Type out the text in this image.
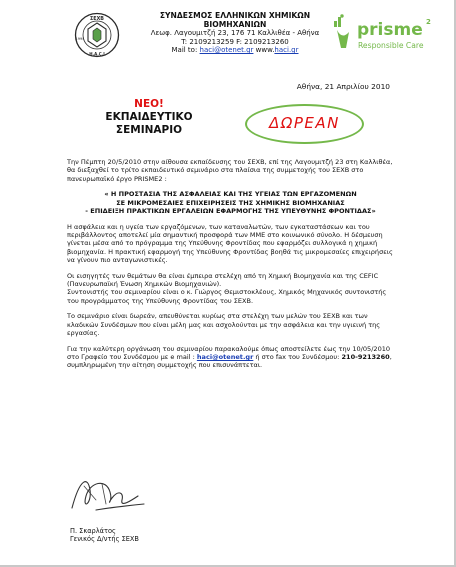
ΣΕΧΒ
1994
H.A.C.I
ΣΥΝΔΕΣΜΟΣ ΕΛΛΗΝΙΚΩΝ ΧΗΜΙΚΩΝ ΒΙΟΜΗΧΑΝΙΩΝ
Λεωφ. Λαγουμιτζή 23, 176 71 Καλλιθέα - Αθήνα
T: 2109213259 F: 2109213260
Mail to: haci@otenet.gr www.haci.gr
prisme 2
Responsible Care
Αθήνα, 21 Απριλίου 2010
ΝΕΟ!
ΕΚΠΑΙΔΕΥΤΙΚΟ
ΣΕΜΙΝΑΡΙΟ	ΔΩΡΕΑΝ

Την Πέμπτη 20/5/2010 στην αίθουσα εκπαίδευσης του ΣΕΧΒ, επί της Λαγουμιτζή 23 στη Καλλιθέα, θα διεξαχθεί το τρίτο εκπαιδευτικό σεμινάριο στα πλαίσια της συμμετοχής του ΣΕΧΒ στο πανευρωπαϊκό έργο PRISME2 :

« Η ΠΡΟΣΤΑΣΙΑ ΤΗΣ ΑΣΦΑΛΕΙΑΣ ΚΑΙ ΤΗΣ ΥΓΕΙΑΣ ΤΩΝ ΕΡΓΑΖΟΜΕΝΩΝ
ΣΕ ΜΙΚΡΟΜΕΣΑΙΕΣ ΕΠΙΧΕΙΡΗΣΕΙΣ ΤΗΣ ΧΗΜΙΚΗΣ ΒΙΟΜΗΧΑΝΙΑΣ
- ΕΠΙΔΕΙΞΗ ΠΡΑΚΤΙΚΩΝ ΕΡΓΑΛΕΙΩΝ ΕΦΑΡΜΟΓΗΣ ΤΗΣ ΥΠΕΥΘΥΝΗΣ ΦΡΟΝΤΙΔΑΣ»

Η ασφάλεια και η υγεία των εργαζόμενων, των καταναλωτών, των εγκαταστάσεων και του περιβάλλοντος αποτελεί μία σημαντική προσφορά των ΜΜΕ στο κοινωνικό σύνολο. Η δέσμευση γίνεται μέσα από το πρόγραμμα της Υπεύθυνης Φροντίδας που εφαρμόζει συλλογικά η χημική βιομηχανία. Η πρακτική εφαρμογή της Υπεύθυνης Φροντίδας βοηθά τις μικρομεσαίες επιχειρήσεις να γίνουν πιο ανταγωνιστικές.

Οι εισηγητές των θεμάτων θα είναι έμπειρα στελέχη από τη Χημική Βιομηχανία και της CEFIC (Πανευρωπαϊκή Ένωση Χημικών Βιομηχανιών).
Συντονιστής του σεμιναρίου είναι ο κ. Γιώργος Θεμιστοκλέους, Χημικός Μηχανικός συντονιστής του προγράμματος της Υπεύθυνης Φροντίδας του ΣΕΧΒ.

Το σεμινάριο είναι δωρεάν, απευθύνεται κυρίως στα στελέχη των μελών του ΣΕΧΒ και των κλαδικών Συνδέσμων που είναι μέλη μας και ασχολούνται με την ασφάλεια και την υγιεινή της εργασίας.

Για την καλύτερη οργάνωση του σεμιναρίου παρακαλούμε όπως αποστείλετε έως την 10/05/2010 στο Γραφείο του Συνδέσμου με e mail : haci@otenet.gr ή στο fax του Συνδέσμου: 210-9213260, συμπληρωμένη την αίτηση συμμετοχής που επισυνάπτεται.

Π. Σκαρλάτος
Γενικός Δ/ντής ΣΕΧΒ
